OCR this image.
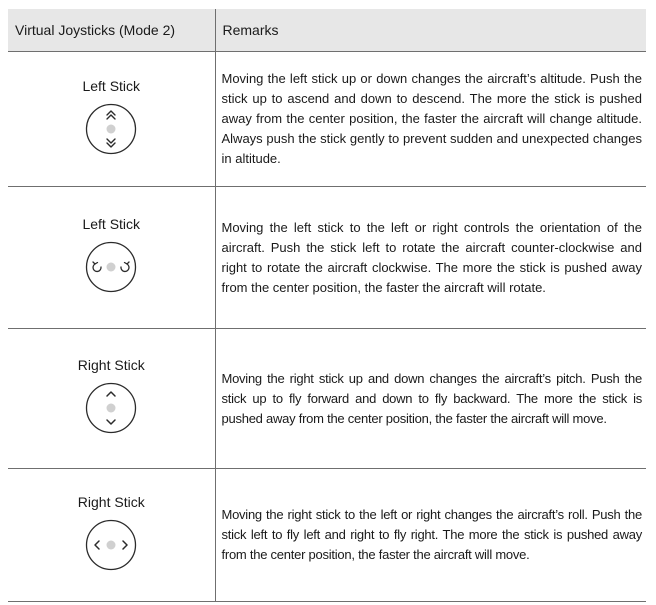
Virtual Joysticks (Mode 2)	Remarks

Left Stick	Moving the left stick up or down changes the aircraft’s altitude. Push the stick up to ascend and down to descend. The more the stick is pushed away from the center position, the faster the aircraft will change altitude. Always push the stick gently to prevent sudden and unexpected changes in altitude.

Left Stick	Moving the left stick to the left or right controls the orientation of the aircraft. Push the stick left to rotate the aircraft counter-clockwise and right to rotate the aircraft clockwise. The more the stick is pushed away from the center position, the faster the aircraft will rotate.

Right Stick	Moving the right stick up and down changes the aircraft’s pitch. Push the stick up to fly forward and down to fly backward. The more the stick is pushed away from the center position, the faster the aircraft will move.

Right Stick	Moving the right stick to the left or right changes the aircraft’s roll. Push the stick left to fly left and right to fly right. The more the stick is pushed away from the center position, the faster the aircraft will move.
